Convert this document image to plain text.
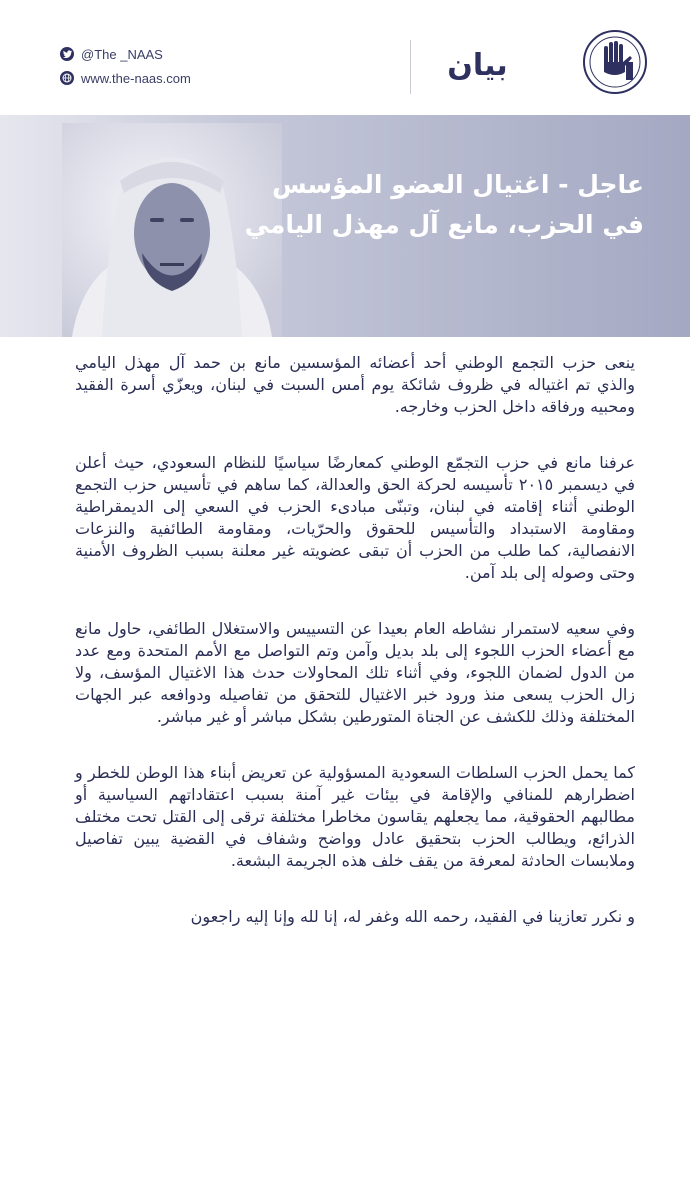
@The _NAAS
www.the-naas.com	بيان
عاجل - اغتيال العضو المؤسس
في الحزب، مانع آل مهذل اليامي

ينعى حزب التجمع الوطني أحد أعضائه المؤسسين مانع بن حمد آل مهذل اليامي والذي تم اغتياله في ظروف شائكة يوم أمس السبت في لبنان، ويعزّي أسرة الفقيد ومحبيه ورفاقه داخل الحزب وخارجه.

عرفنا مانع في حزب التجمّع الوطني كمعارضًا سياسيًا للنظام السعودي، حيث أعلن في ديسمبر ٢٠١٥ تأسيسه لحركة الحق والعدالة، كما ساهم في تأسيس حزب التجمع الوطني أثناء إقامته في لبنان، وتبنّى مبادىء الحزب في السعي إلى الديمقراطية ومقاومة الاستبداد والتأسيس للحقوق والحرّيات، ومقاومة الطائفية والنزعات الانفصالية، كما طلب من الحزب أن تبقى عضويته غير معلنة بسبب الظروف الأمنية وحتى وصوله إلى بلد آمن.

وفي سعيه لاستمرار نشاطه العام بعيدا عن التسييس والاستغلال الطائفي، حاول مانع مع أعضاء الحزب اللجوء إلى بلد بديل وآمن وتم التواصل مع الأمم المتحدة ومع عدد من الدول لضمان اللجوء، وفي أثناء تلك المحاولات حدث هذا الاغتيال المؤسف، ولا زال الحزب يسعى منذ ورود خبر الاغتيال للتحقق من تفاصيله ودوافعه عبر الجهات المختلفة وذلك للكشف عن الجناة المتورطين بشكل مباشر أو غير مباشر.

كما يحمل الحزب السلطات السعودية المسؤولية عن تعريض أبناء هذا الوطن للخطر و اضطرارهم للمنافي والإقامة في بيئات غير آمنة بسبب اعتقاداتهم السياسية أو مطالبهم الحقوقية، مما يجعلهم يقاسون مخاطرا مختلفة ترقى إلى القتل تحت مختلف الذرائع، ويطالب الحزب بتحقيق عادل وواضح وشفاف في القضية يبين تفاصيل وملابسات الحادثة لمعرفة من يقف خلف هذه الجريمة البشعة.

و نكرر تعازينا في الفقيد، رحمه الله وغفر له، إنا لله وإنا إليه راجعون
